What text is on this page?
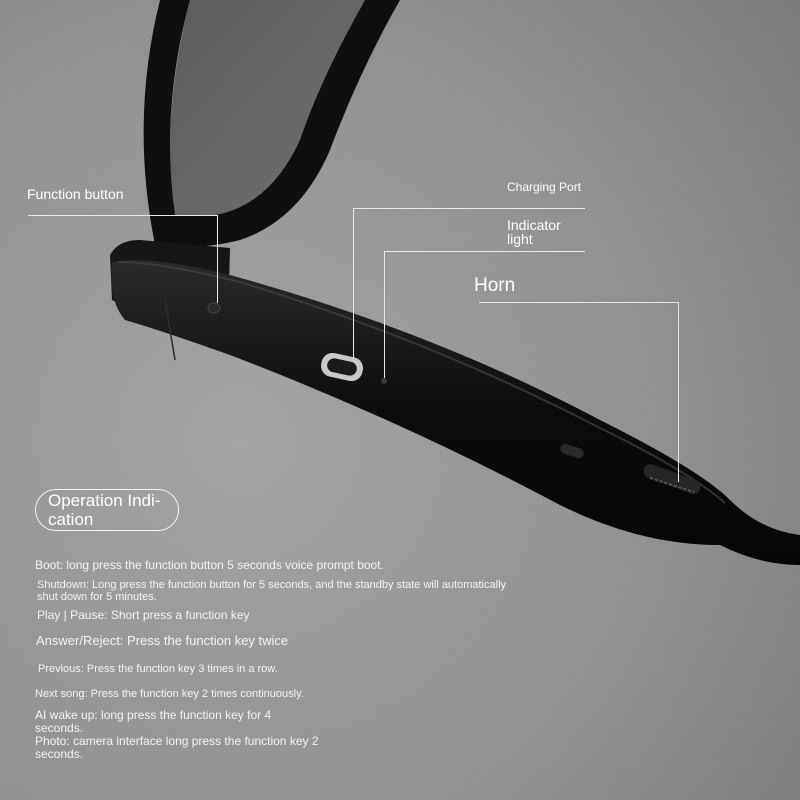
Function button	Charging Port
Indicator
light
Horn
Operation Indi-
cation
Boot: long press the function button 5 seconds voice prompt boot.
Shutdown: Long press the function button for 5 seconds, and the standby state will automatically
shut down for 5 minutes.
Play | Pause: Short press a function key
Answer/Reject: Press the function key twice
Previous: Press the function key 3 times in a row.
Next song: Press the function key 2 times continuously.
AI wake up: long press the function key for 4
seconds.
Photo: camera interface long press the function key 2
seconds.
